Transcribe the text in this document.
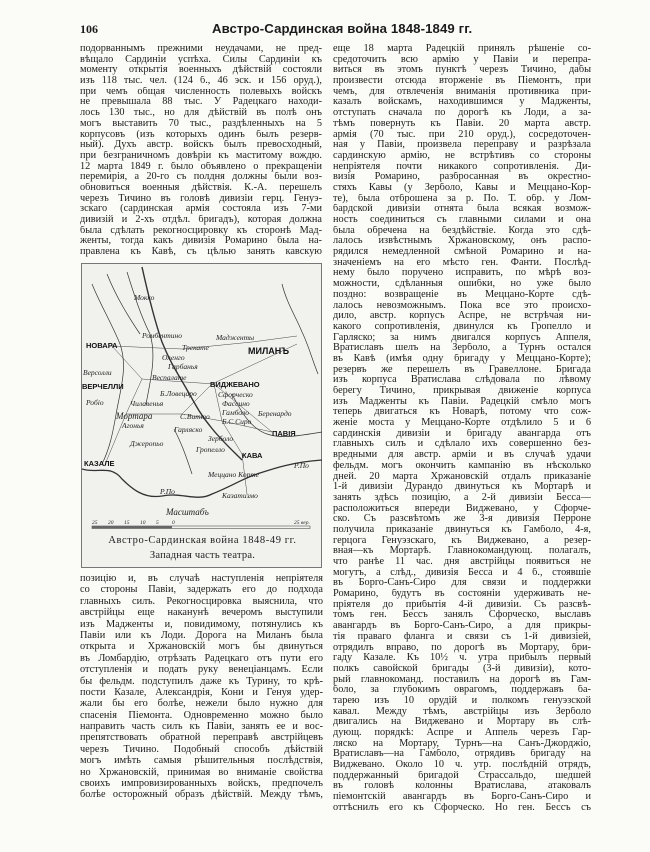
106	Австро-Сардинская война 1848-1849 гг.
подорваннымъ прежними неудачами, не пред-
вѣщало Сардиніи успѣха. Силы Сардиніи къ
моменту открытія военныхъ дѣйствій состояли
изъ 118 тыс. чел. (124 б., 46 эск. и 156 оруд.),
при чемъ общая численность полевыхъ войскъ
не превышала 88 тыс. У Радецкаго находи-
лось 130 тыс., но для дѣйствій въ полѣ онъ
могъ выставить 70 тыс., раздѣленныхъ на 5
корпусовъ (изъ которыхъ одинъ былъ резерв-
ный). Духъ австр. войскъ былъ превосходный,
при безграничномъ довѣріи къ маститому вождю.
12 марта 1849 г. было объявлено о прекращеніи
перемирія, а 20-го съ полдня должны были воз-
обновиться военныя дѣйствія. К.-А. перешелъ
черезъ Тичино въ головѣ дивизіи герц. Генуэ-
зскаго (сардинская армія состояла изъ 7-ми
дивизій и 2-хъ отдѣл. бригадъ), которая должна
была сдѣлать рекогносцировку къ сторонѣ Мад-
женты, тогда какъ дивизія Ромарино была на-
правлена къ Кавѣ, съ цѣлью занять кавскую
Мокко
Ромбентино
НОВАРА	Трекате
Мадженты
МИЛАНЪ
Оленго
Гарбанья
Версолли
ВЕРЧЕЛЛИ
Веспалате
ВИДЖЕВАНО
Б.Ловецаро	Сфорческо
Робіо	Чилавенья	Фассино
Гамболо
Мортара	С.Витто	Беренардо
Б.С.Сиро
Агонья	Гарляско
Зерболо
ПАВІЯ
Джеропьо
Гропелло
КАВА
Р.По
КАЗАЛЕ
Меццано Корте
Р.По	Казатизмо
Масштабъ
25 20 15 10 5 0	25 вер.
Австро-Сардинская война 1848-49 гг.
Западная часть театра.
позицію и, въ случаѣ наступленія непріятеля
со стороны Павіи, задержать его до подхода
главныхъ силъ. Рекогносцировка выяснила, что
австрійцы еще наканунѣ вечеромъ выступили
изъ Мадженты и, повидимому, потянулись къ
Павіи или къ Лоди. Дорога на Миланъ была
открыта и Хржановскій могъ бы двинуться
въ Ломбардію, отрѣзать Радецкаго отъ пути его
отступленія и подать руку венеціанцамъ. Если
бы фельдм. подступилъ даже къ Турину, то крѣ-
пости Казале, Александрія, Кони и Генуя удер-
жали бы его болѣе, нежели было нужно для
спасенія Піемонта. Одновременно можно было
направить часть силъ къ Павіи, занять ее и вос-
препятствовать обратной переправѣ австрійцевъ
черезъ Тичино. Подобный способъ дѣйствій
могъ имѣть самыя рѣшительныя послѣдствія,
но Хржановскій, принимая во вниманіе свойства
своихъ импровизированныхъ войскъ, предпочелъ
болѣе осторожный образъ дѣйствій. Между тѣмъ,
еще 18 марта Радецкій принялъ рѣшеніе со-
средоточить всю армію у Павіи и перепра-
виться въ этомъ пунктѣ черезъ Тичино, дабы
произвести отсюда вторженіе въ Піемонтъ, при
чемъ, для отвлеченія вниманія противника при-
казалъ войскамъ, находившимся у Мадженты,
отступать сначала по дорогѣ къ Лоди, а за-
тѣмъ повернуть къ Павіи. 20 марта австр.
армія (70 тыс. при 210 оруд.), сосредоточен-
ная у Павіи, произвела переправу и разрѣзала
сардинскую армію, не встрѣтивъ со стороны
непріятеля почти никакого сопротивленія. Ди-
визія Ромарино, разбросанная въ окрестно-
стяхъ Кавы (у Зерболо, Кавы и Меццано-Кор-
те), была отброшена за р. По. Т. обр. у Лом-
бардской дивизіи отнята была всякая возмож-
ность соединиться съ главными силами и она
была обречена на бездѣйствіе. Когда это сдѣ-
лалось извѣстнымъ Хржановскому, онъ распо-
рядился немедленной смѣной Ромарино и на-
значеніемъ на его мѣсто ген. Фанти. Послѣд-
нему было поручено исправить, по мѣрѣ воз-
можности, сдѣланныя ошибки, но уже было
поздно: возвращеніе въ Меццано-Корте сдѣ-
лалось невозможнымъ. Пока все это происхо-
дило, австр. корпусъ Аспре, не встрѣчая ни-
какого сопротивленія, двинулся къ Гропелло и
Гарляско; за нимъ двигался корпусъ Аппеля,
Вратиславъ шелъ на Зерболо, а Турнъ остался
въ Кавѣ (имѣя одну бригаду у Меццано-Корте);
резервъ же перешелъ въ Гравеллоне. Бригада
изъ корпуса Вратислава слѣдовала по лѣвому
берегу Тичино, прикрывая движеніе корпуса
изъ Мадженты къ Павіи. Радецкій смѣло могъ
теперь двигаться къ Новарѣ, потому что сож-
женіе моста у Меццано-Корте отдѣлило 5 и 6
сардинскія дивизіи и бригаду авангарда отъ
главныхъ силъ и сдѣлало ихъ совершенно без-
вредными для австр. арміи и въ случаѣ удачи
фельдм. могъ окончить кампанію въ нѣсколько
дней. 20 марта Хржановскій отдалъ приказаніе
1-й дивизіи Дурандо двинуться къ Мортарѣ и
занять здѣсь позицію, а 2-й дивизіи Бесса—
расположиться впереди Виджевано, у Сфорче-
ско. Съ разсвѣтомъ же 3-я дивизія Перроне
получила приказаніе двинуться къ Гамболо, 4-я,
герцога Генуэзскаго, къ Виджевано, а резер-
вная—къ Мортарѣ. Главнокомандующ. полагалъ,
что ранѣе 11 час. дня австрійцы появиться не
могутъ, а слѣд., дивизія Бесса и 4 б., стоявшіе
въ Борго-Санъ-Сиро для связи и поддержки
Ромарино, будутъ въ состояніи удерживать не-
пріятеля до прибытія 4-й дивизіи. Съ разсвѣ-
томъ ген. Бессъ занялъ Сфорческо, выславъ
авангардъ въ Борго-Санъ-Сиро, а для прикры-
тія праваго фланга и связи съ 1-й дивизіей,
отрядилъ вправо, по дорогѣ въ Мортару, бри-
гаду Казале. Къ 10½ ч. утра прибылъ первый
полкъ савойской бригады (3-й дивизіи), кото-
рый главнокоманд. поставилъ на дорогѣ въ Гам-
боло, за глубокимъ оврагомъ, поддержавъ ба-
тарею изъ 10 орудій и полкомъ генуэзской
кавал. Между тѣмъ, австрійцы изъ Зерболо
двигались на Виджевано и Мортару въ слѣ-
дующ. порядкѣ: Аспре и Аппель черезъ Гар-
ляско на Мортару, Турнъ—на Санъ-Джорджіо,
Вратиславъ—на Гамболо, отрядивъ бригаду на
Виджевано. Около 10 ч. утр. послѣдній отрядъ,
поддержанный бригадой Страссальдо, шедшей
въ головѣ колонны Вратислава, атаковалъ
піемонтскій авангардъ въ Борго-Санъ-Сиро и
оттѣснилъ его къ Сфорческо. Но ген. Бессъ съ
